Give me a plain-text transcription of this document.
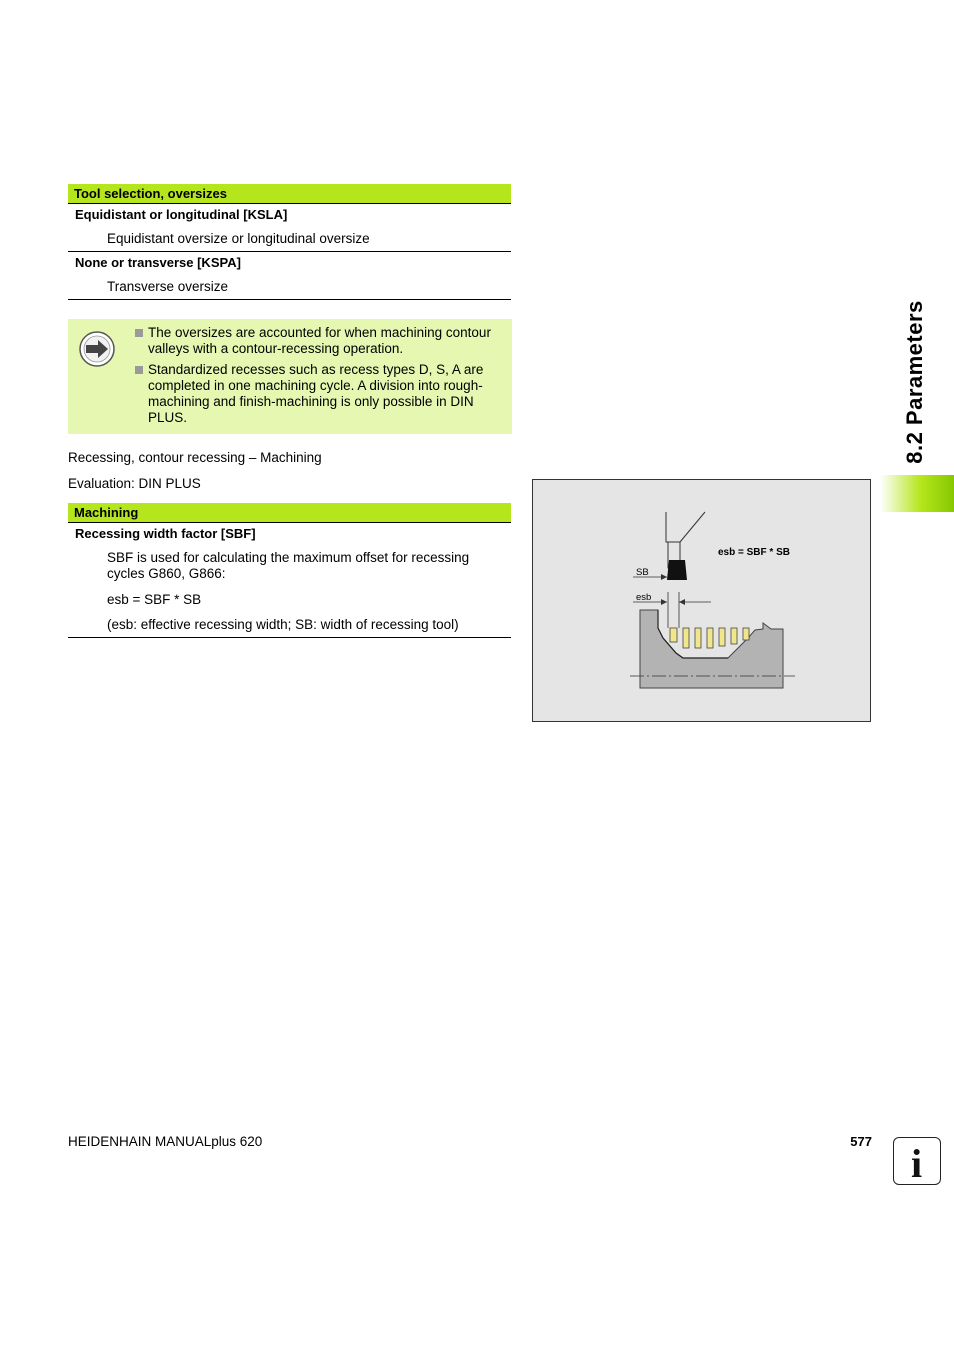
Tool selection, oversizes
Equidistant or longitudinal [KSLA]
Equidistant oversize or longitudinal oversize
None or transverse [KSPA]
Transverse oversize
The oversizes are accounted for when machining contour valleys with a contour-recessing operation.
Standardized recesses such as recess types D, S, A are completed in one machining cycle. A division into rough-machining and finish-machining is only possible in DIN PLUS.
Recessing, contour recessing – Machining
Evaluation: DIN PLUS
Machining
Recessing width factor [SBF]
SBF is used for calculating the maximum offset for recessing cycles G860, G866:
esb = SBF * SB
(esb: effective recessing width; SB: width of recessing tool)
8.2 Parameters
esb = SBF * SB
SB
esb
HEIDENHAIN MANUALplus 620	577 i
